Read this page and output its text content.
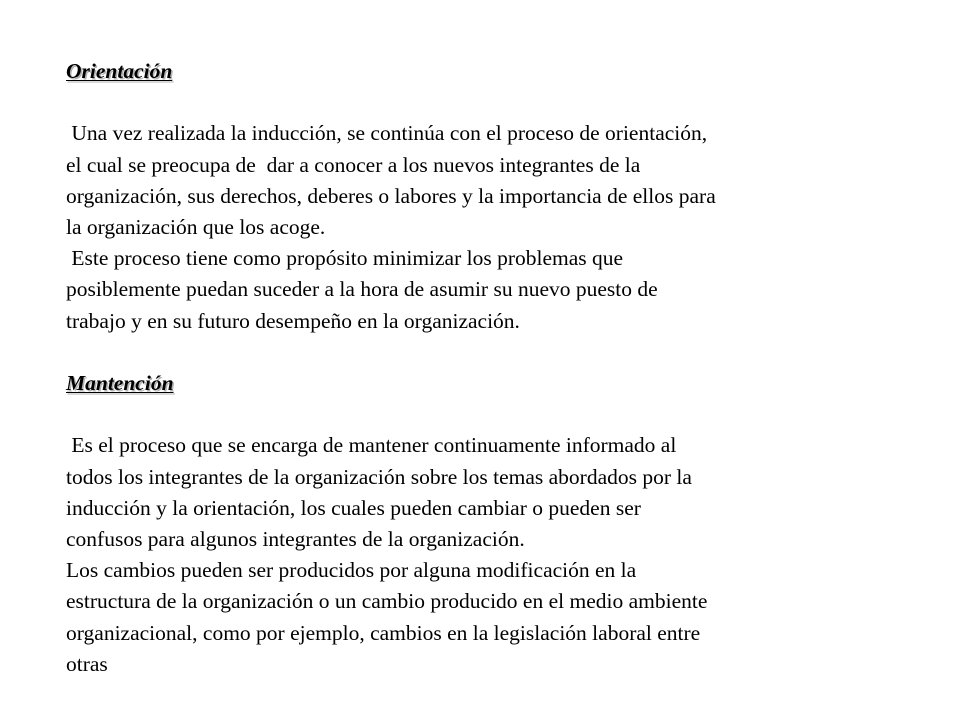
Orientación
Una vez realizada la inducción, se continúa con el proceso de orientación,
el cual se preocupa de  dar a conocer a los nuevos integrantes de la
organización, sus derechos, deberes o labores y la importancia de ellos para
la organización que los acoge.
Este proceso tiene como propósito minimizar los problemas que
posiblemente puedan suceder a la hora de asumir su nuevo puesto de
trabajo y en su futuro desempeño en la organización.
Mantención
Es el proceso que se encarga de mantener continuamente informado al
todos los integrantes de la organización sobre los temas abordados por la
inducción y la orientación, los cuales pueden cambiar o pueden ser
confusos para algunos integrantes de la organización.
Los cambios pueden ser producidos por alguna modificación en la
estructura de la organización o un cambio producido en el medio ambiente
organizacional, como por ejemplo, cambios en la legislación laboral entre
otras
